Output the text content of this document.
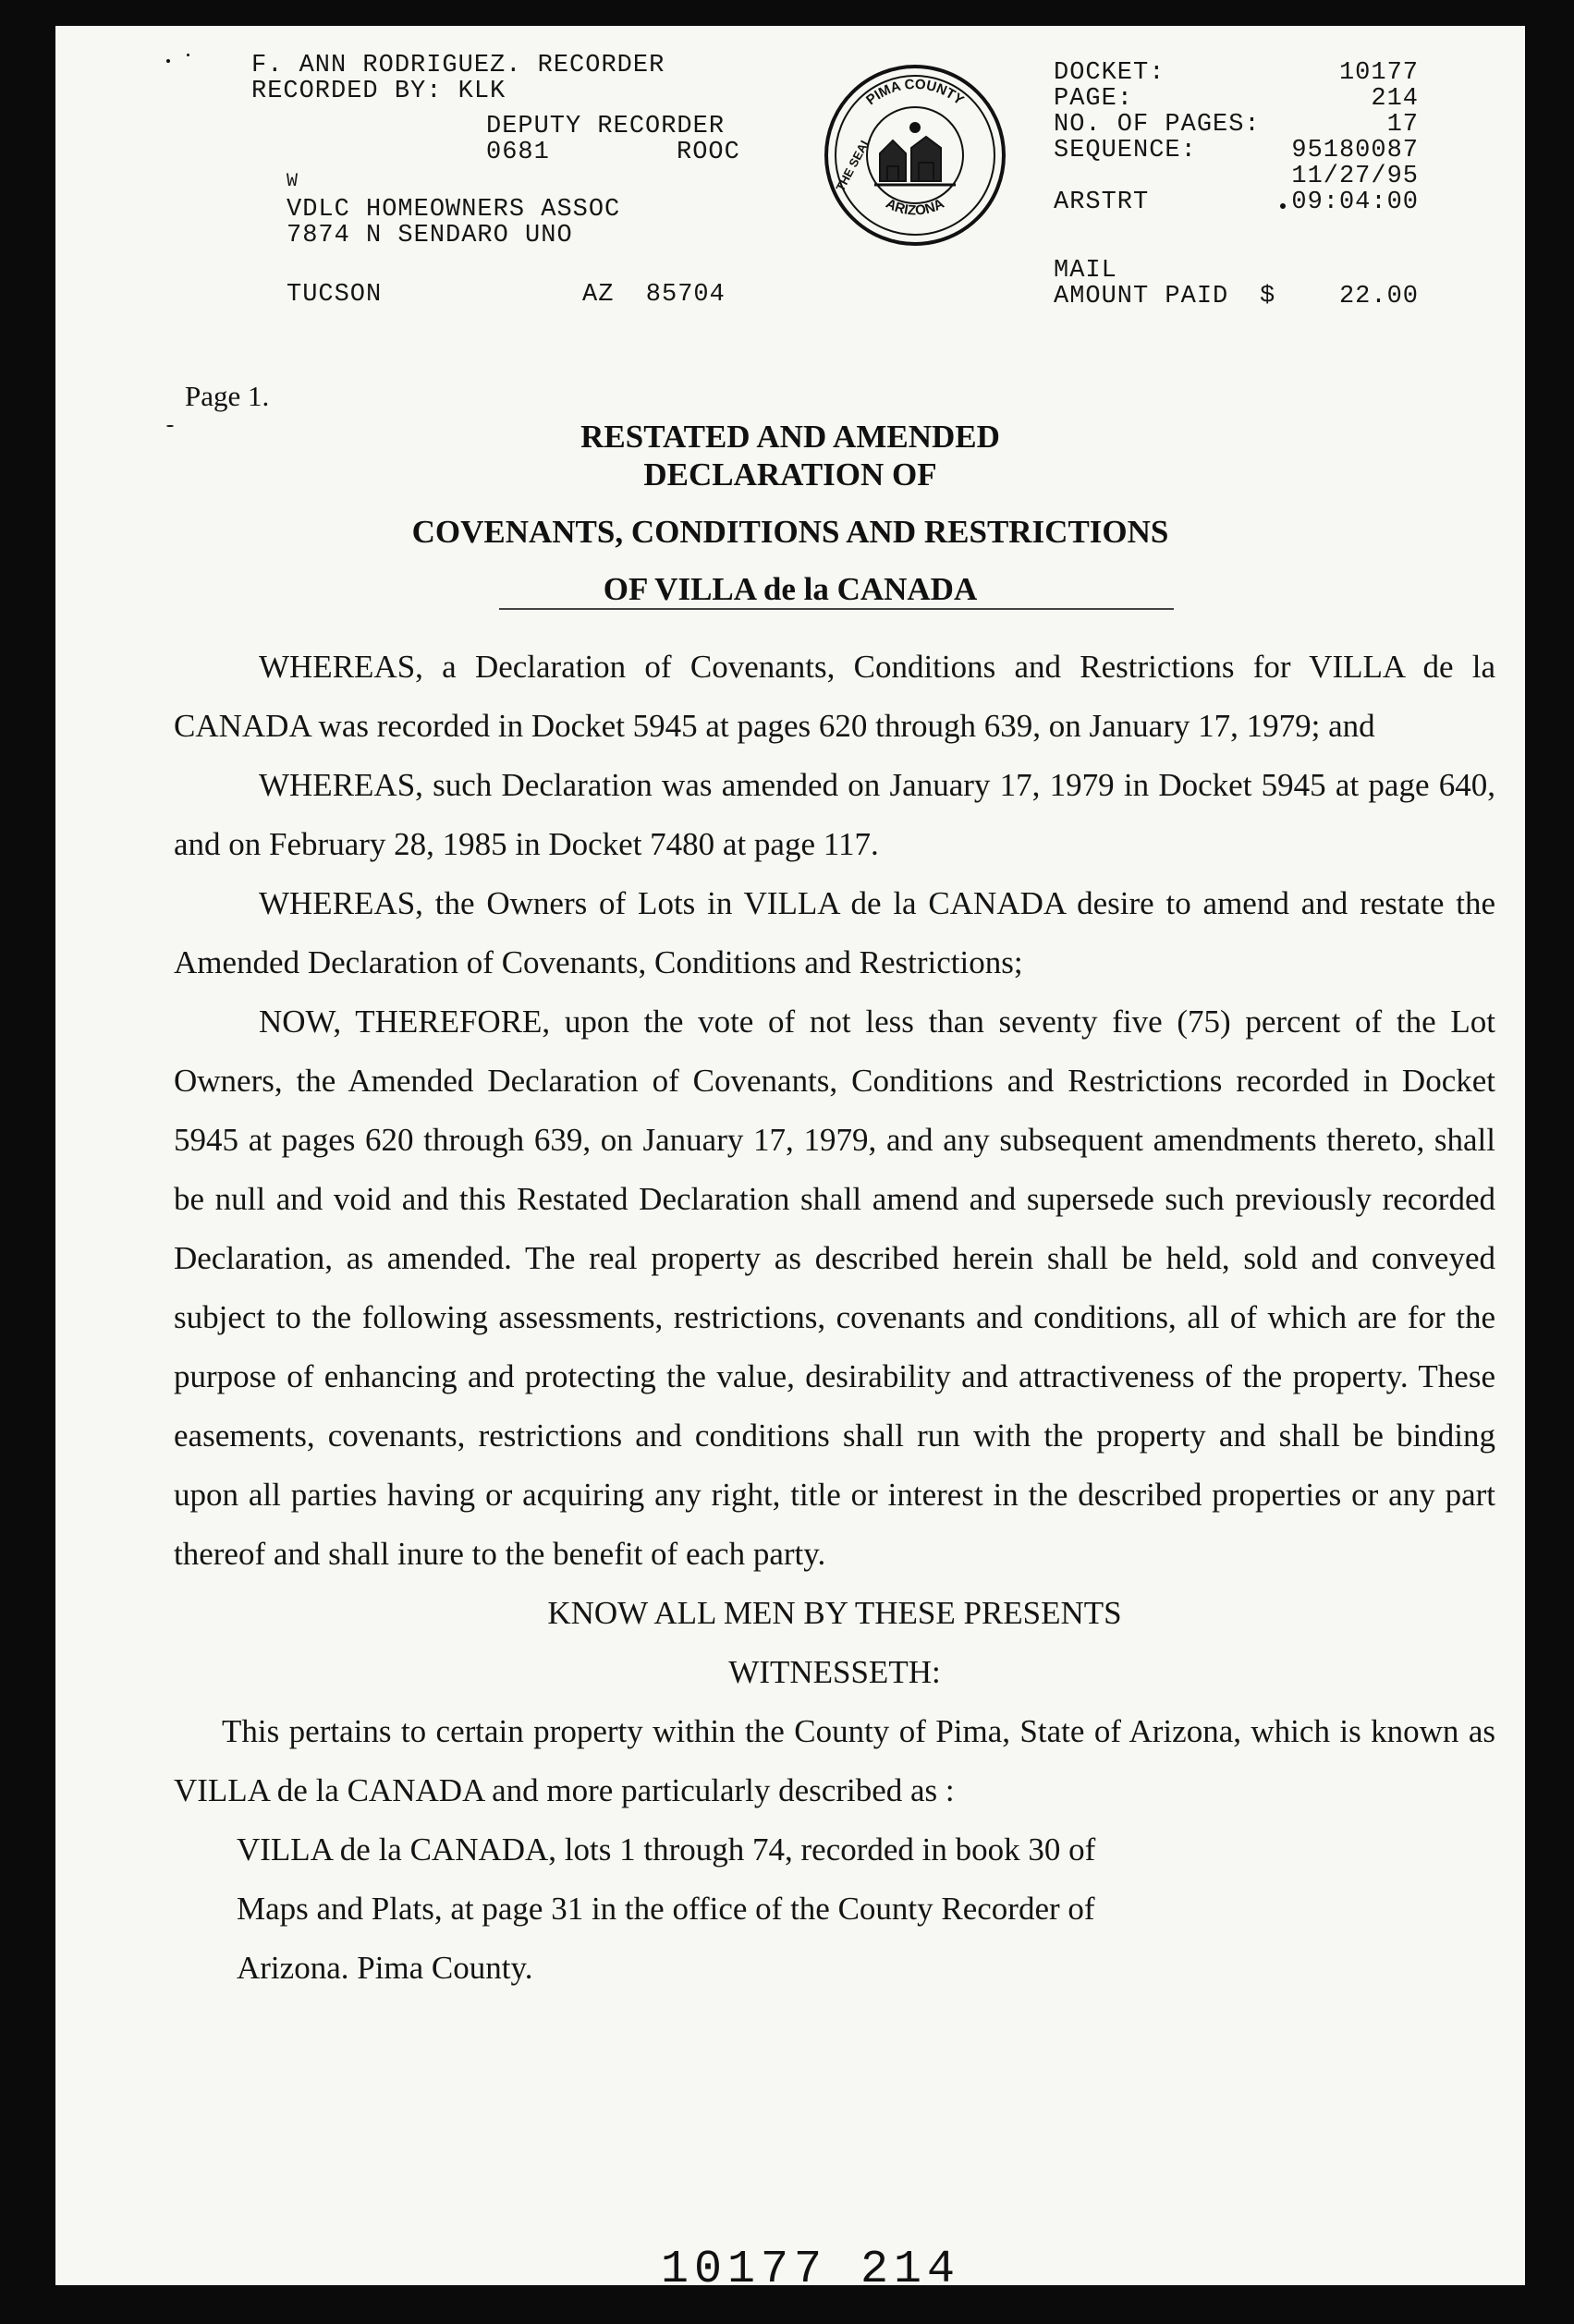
F. ANN RODRIGUEZ. RECORDER
RECORDED BY: KLK
DEPUTY RECORDER
0681	ROOC
W
VDLC HOMEOWNERS ASSOC
7874 N SENDARO UNO
TUCSON	AZ  85704
PIMA COUNTY
ARIZONA
THE SEAL
DOCKET:	10177
PAGE:	214
NO. OF PAGES:	17
SEQUENCE:	95180087
11/27/95
ARSTRT	09:04:00
MAIL
AMOUNT PAID $    22.00
Page 1.
RESTATED AND AMENDED
DECLARATION OF
COVENANTS, CONDITIONS AND RESTRICTIONS
OF VILLA de la CANADA

WHEREAS, a Declaration of Covenants, Conditions and Restrictions for VILLA de la CANADA was recorded in Docket 5945 at pages 620 through 639, on January 17, 1979; and

WHEREAS, such Declaration was amended on January 17, 1979 in Docket 5945 at page 640, and on February 28, 1985 in Docket 7480 at page 117.

WHEREAS, the Owners of Lots in VILLA de la CANADA desire to amend and restate the Amended Declaration of Covenants, Conditions and Restrictions;

NOW, THEREFORE, upon the vote of not less than seventy five (75) percent of the Lot Owners, the Amended Declaration of Covenants, Conditions and Restrictions recorded in Docket 5945 at pages 620 through 639, on January 17, 1979, and any subsequent amendments thereto, shall be null and void and this Restated Declaration shall amend and supersede such previously recorded Declaration, as amended. The real property as described herein shall be held, sold and conveyed subject to the following assessments, restrictions, covenants and conditions, all of which are for the purpose of enhancing and protecting the value, desirability and attractiveness of the property. These easements, covenants, restrictions and conditions shall run with the property and shall be binding upon all parties having or acquiring any right, title or interest in the described properties or any part thereof and shall inure to the benefit of each party.

KNOW ALL MEN BY THESE PRESENTS

WITNESSETH:

This pertains to certain property within the County of Pima, State of Arizona, which is known as VILLA de la CANADA and more particularly described as :

VILLA de la CANADA, lots 1 through 74, recorded in book 30 of

Maps and Plats, at page 31 in the office of the County Recorder of

Arizona. Pima County.

10177 214
